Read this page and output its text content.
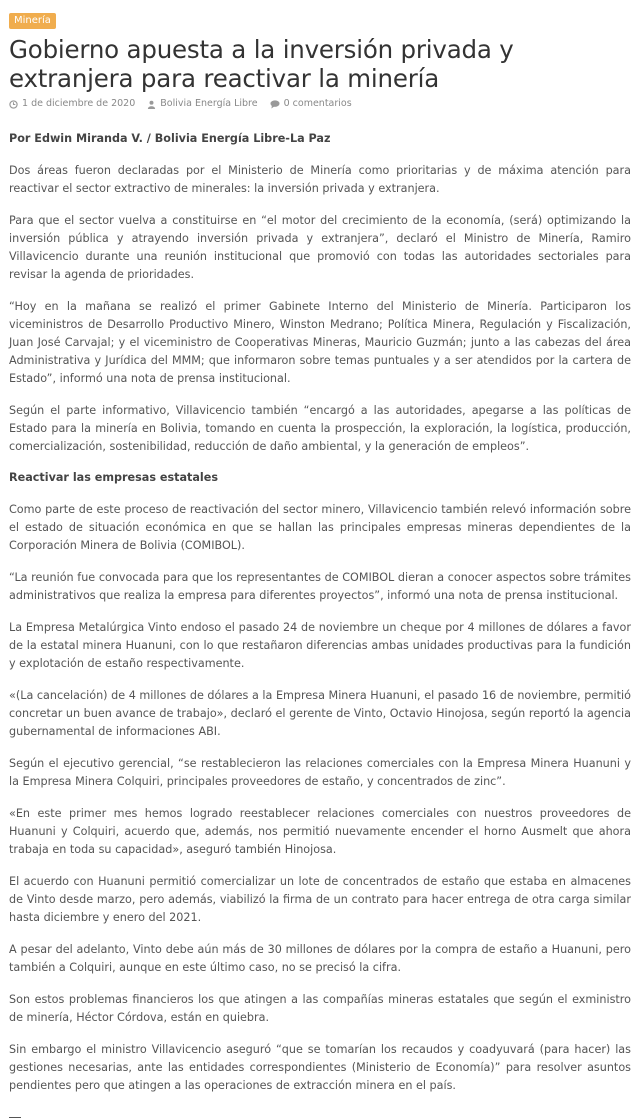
Minería
Gobierno apuesta a la inversión privada y extranjera para reactivar la minería
1 de diciembre de 2020	Bolivia Energía Libre	0 comentarios

Por Edwin Miranda V. / Bolivia Energía Libre-La Paz

Dos áreas fueron declaradas por el Ministerio de Minería como prioritarias y de máxima atención para reactivar el sector extractivo de minerales: la inversión privada y extranjera.

Para que el sector vuelva a constituirse en “el motor del crecimiento de la economía, (será) optimizando la inversión pública y atrayendo inversión privada y extranjera”, declaró el Ministro de Minería, Ramiro Villavicencio durante una reunión institucional que promovió con todas las autoridades sectoriales para revisar la agenda de prioridades.

“Hoy en la mañana se realizó el primer Gabinete Interno del Ministerio de Minería. Participaron los viceministros de Desarrollo Productivo Minero, Winston Medrano; Política Minera, Regulación y Fiscalización, Juan José Carvajal; y el viceministro de Cooperativas Mineras, Mauricio Guzmán; junto a las cabezas del área Administrativa y Jurídica del MMM; que informaron sobre temas puntuales y a ser atendidos por la cartera de Estado”, informó una nota de prensa institucional.

Según el parte informativo, Villavicencio también “encargó a las autoridades, apegarse a las políticas de Estado para la minería en Bolivia, tomando en cuenta la prospección, la exploración, la logística, producción, comercialización, sostenibilidad, reducción de daño ambiental, y la generación de empleos”.

Reactivar las empresas estatales

Como parte de este proceso de reactivación del sector minero, Villavicencio también relevó información sobre el estado de situación económica en que se hallan las principales empresas mineras dependientes de la Corporación Minera de Bolivia (COMIBOL).

“La reunión fue convocada para que los representantes de COMIBOL dieran a conocer aspectos sobre trámites administrativos que realiza la empresa para diferentes proyectos”, informó una nota de prensa institucional.

La Empresa Metalúrgica Vinto endoso el pasado 24 de noviembre un cheque por 4 millones de dólares a favor de la estatal minera Huanuni, con lo que restañaron diferencias ambas unidades productivas para la fundición y explotación de estaño respectivamente.

«(La cancelación) de 4 millones de dólares a la Empresa Minera Huanuni, el pasado 16 de noviembre, permitió concretar un buen avance de trabajo», declaró el gerente de Vinto, Octavio Hinojosa, según reportó la agencia gubernamental de informaciones ABI.

Según el ejecutivo gerencial, “se restablecieron las relaciones comerciales con la Empresa Minera Huanuni y la Empresa Minera Colquiri, principales proveedores de estaño, y concentrados de zinc”.

«En este primer mes hemos logrado reestablecer relaciones comerciales con nuestros proveedores de Huanuni y Colquiri, acuerdo que, además, nos permitió nuevamente encender el horno Ausmelt que ahora trabaja en toda su capacidad», aseguró también Hinojosa.

El acuerdo con Huanuni permitió comercializar un lote de concentrados de estaño que estaba en almacenes de Vinto desde marzo, pero además, viabilizó la firma de un contrato para hacer entrega de otra carga similar hasta diciembre y enero del 2021.

A pesar del adelanto, Vinto debe aún más de 30 millones de dólares por la compra de estaño a Huanuni, pero también a Colquiri, aunque en este último caso, no se precisó la cifra.

Son estos problemas financieros los que atingen a las compañías mineras estatales que según el exministro de minería, Héctor Córdova, están en quiebra.

Sin embargo el ministro Villavicencio aseguró “que se tomarían los recaudos y coadyuvará (para hacer) las gestiones necesarias, ante las entidades correspondientes (Ministerio de Economía)” para resolver asuntos pendientes pero que atingen a las operaciones de extracción minera en el país.
